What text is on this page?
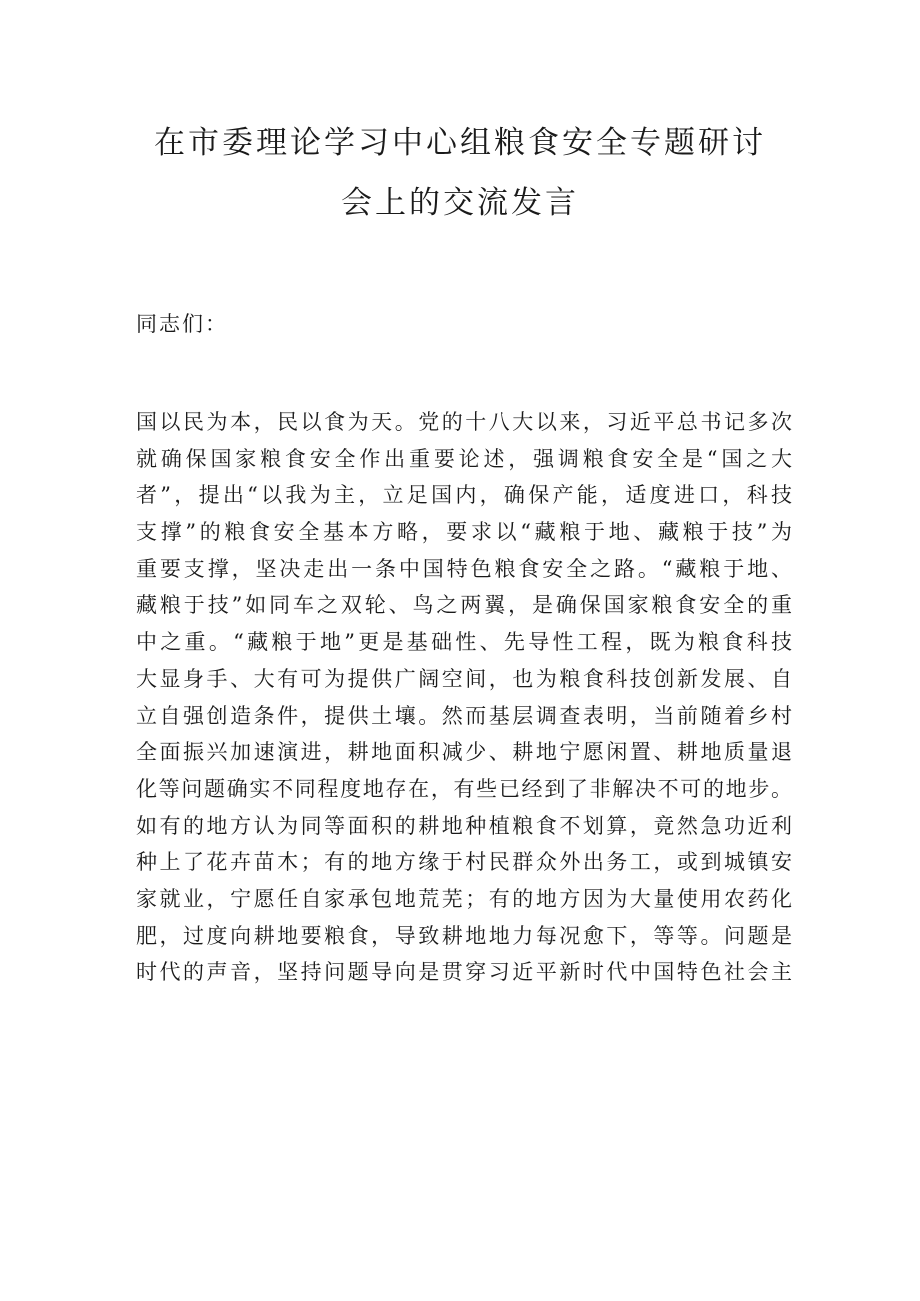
在市委理论学习中心组粮食安全专题研讨
会上的交流发言

同志们：

国以民为本，民以食为天。党的十八大以来，习近平总书记多次
就确保国家粮食安全作出重要论述，强调粮食安全是“国之大
者”，提出“以我为主，立足国内，确保产能，适度进口，科技
支撑”的粮食安全基本方略，要求以“藏粮于地、藏粮于技”为
重要支撑，坚决走出一条中国特色粮食安全之路。“藏粮于地、
藏粮于技”如同车之双轮、鸟之两翼，是确保国家粮食安全的重
中之重。“藏粮于地”更是基础性、先导性工程，既为粮食科技
大显身手、大有可为提供广阔空间，也为粮食科技创新发展、自
立自强创造条件，提供土壤。然而基层调查表明，当前随着乡村
全面振兴加速演进，耕地面积减少、耕地宁愿闲置、耕地质量退
化等问题确实不同程度地存在，有些已经到了非解决不可的地步。
如有的地方认为同等面积的耕地种植粮食不划算，竟然急功近利
种上了花卉苗木；有的地方缘于村民群众外出务工，或到城镇安
家就业，宁愿任自家承包地荒芜；有的地方因为大量使用农药化
肥，过度向耕地要粮食，导致耕地地力每况愈下，等等。问题是
时代的声音，坚持问题导向是贯穿习近平新时代中国特色社会主
